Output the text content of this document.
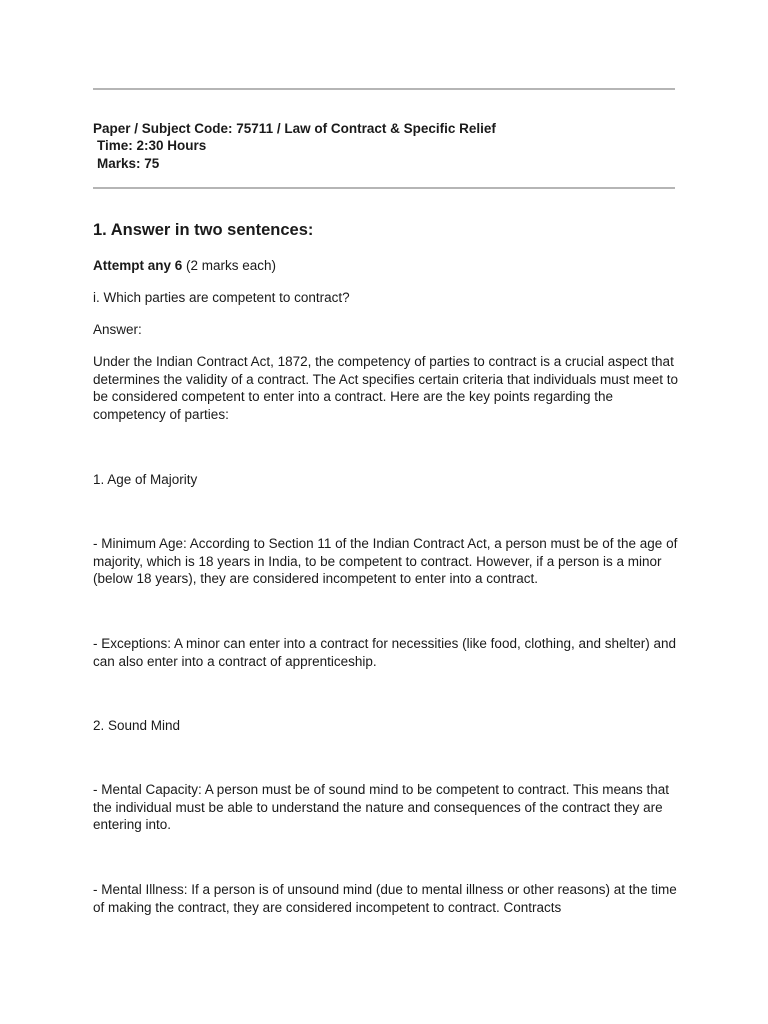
Paper / Subject Code: 75711 / Law of Contract & Specific Relief
Time: 2:30 Hours
Marks: 75
1. Answer in two sentences:
Attempt any 6 (2 marks each)
i. Which parties are competent to contract?
Answer:
Under the Indian Contract Act, 1872, the competency of parties to contract is a crucial aspect that determines the validity of a contract. The Act specifies certain criteria that individuals must meet to be considered competent to enter into a contract. Here are the key points regarding the competency of parties:
1. Age of Majority
- Minimum Age: According to Section 11 of the Indian Contract Act, a person must be of the age of majority, which is 18 years in India, to be competent to contract. However, if a person is a minor (below 18 years), they are considered incompetent to enter into a contract.
- Exceptions: A minor can enter into a contract for necessities (like food, clothing, and shelter) and can also enter into a contract of apprenticeship.
2. Sound Mind
- Mental Capacity: A person must be of sound mind to be competent to contract. This means that the individual must be able to understand the nature and consequences of the contract they are entering into.
- Mental Illness: If a person is of unsound mind (due to mental illness or other reasons) at the time of making the contract, they are considered incompetent to contract. Contracts
